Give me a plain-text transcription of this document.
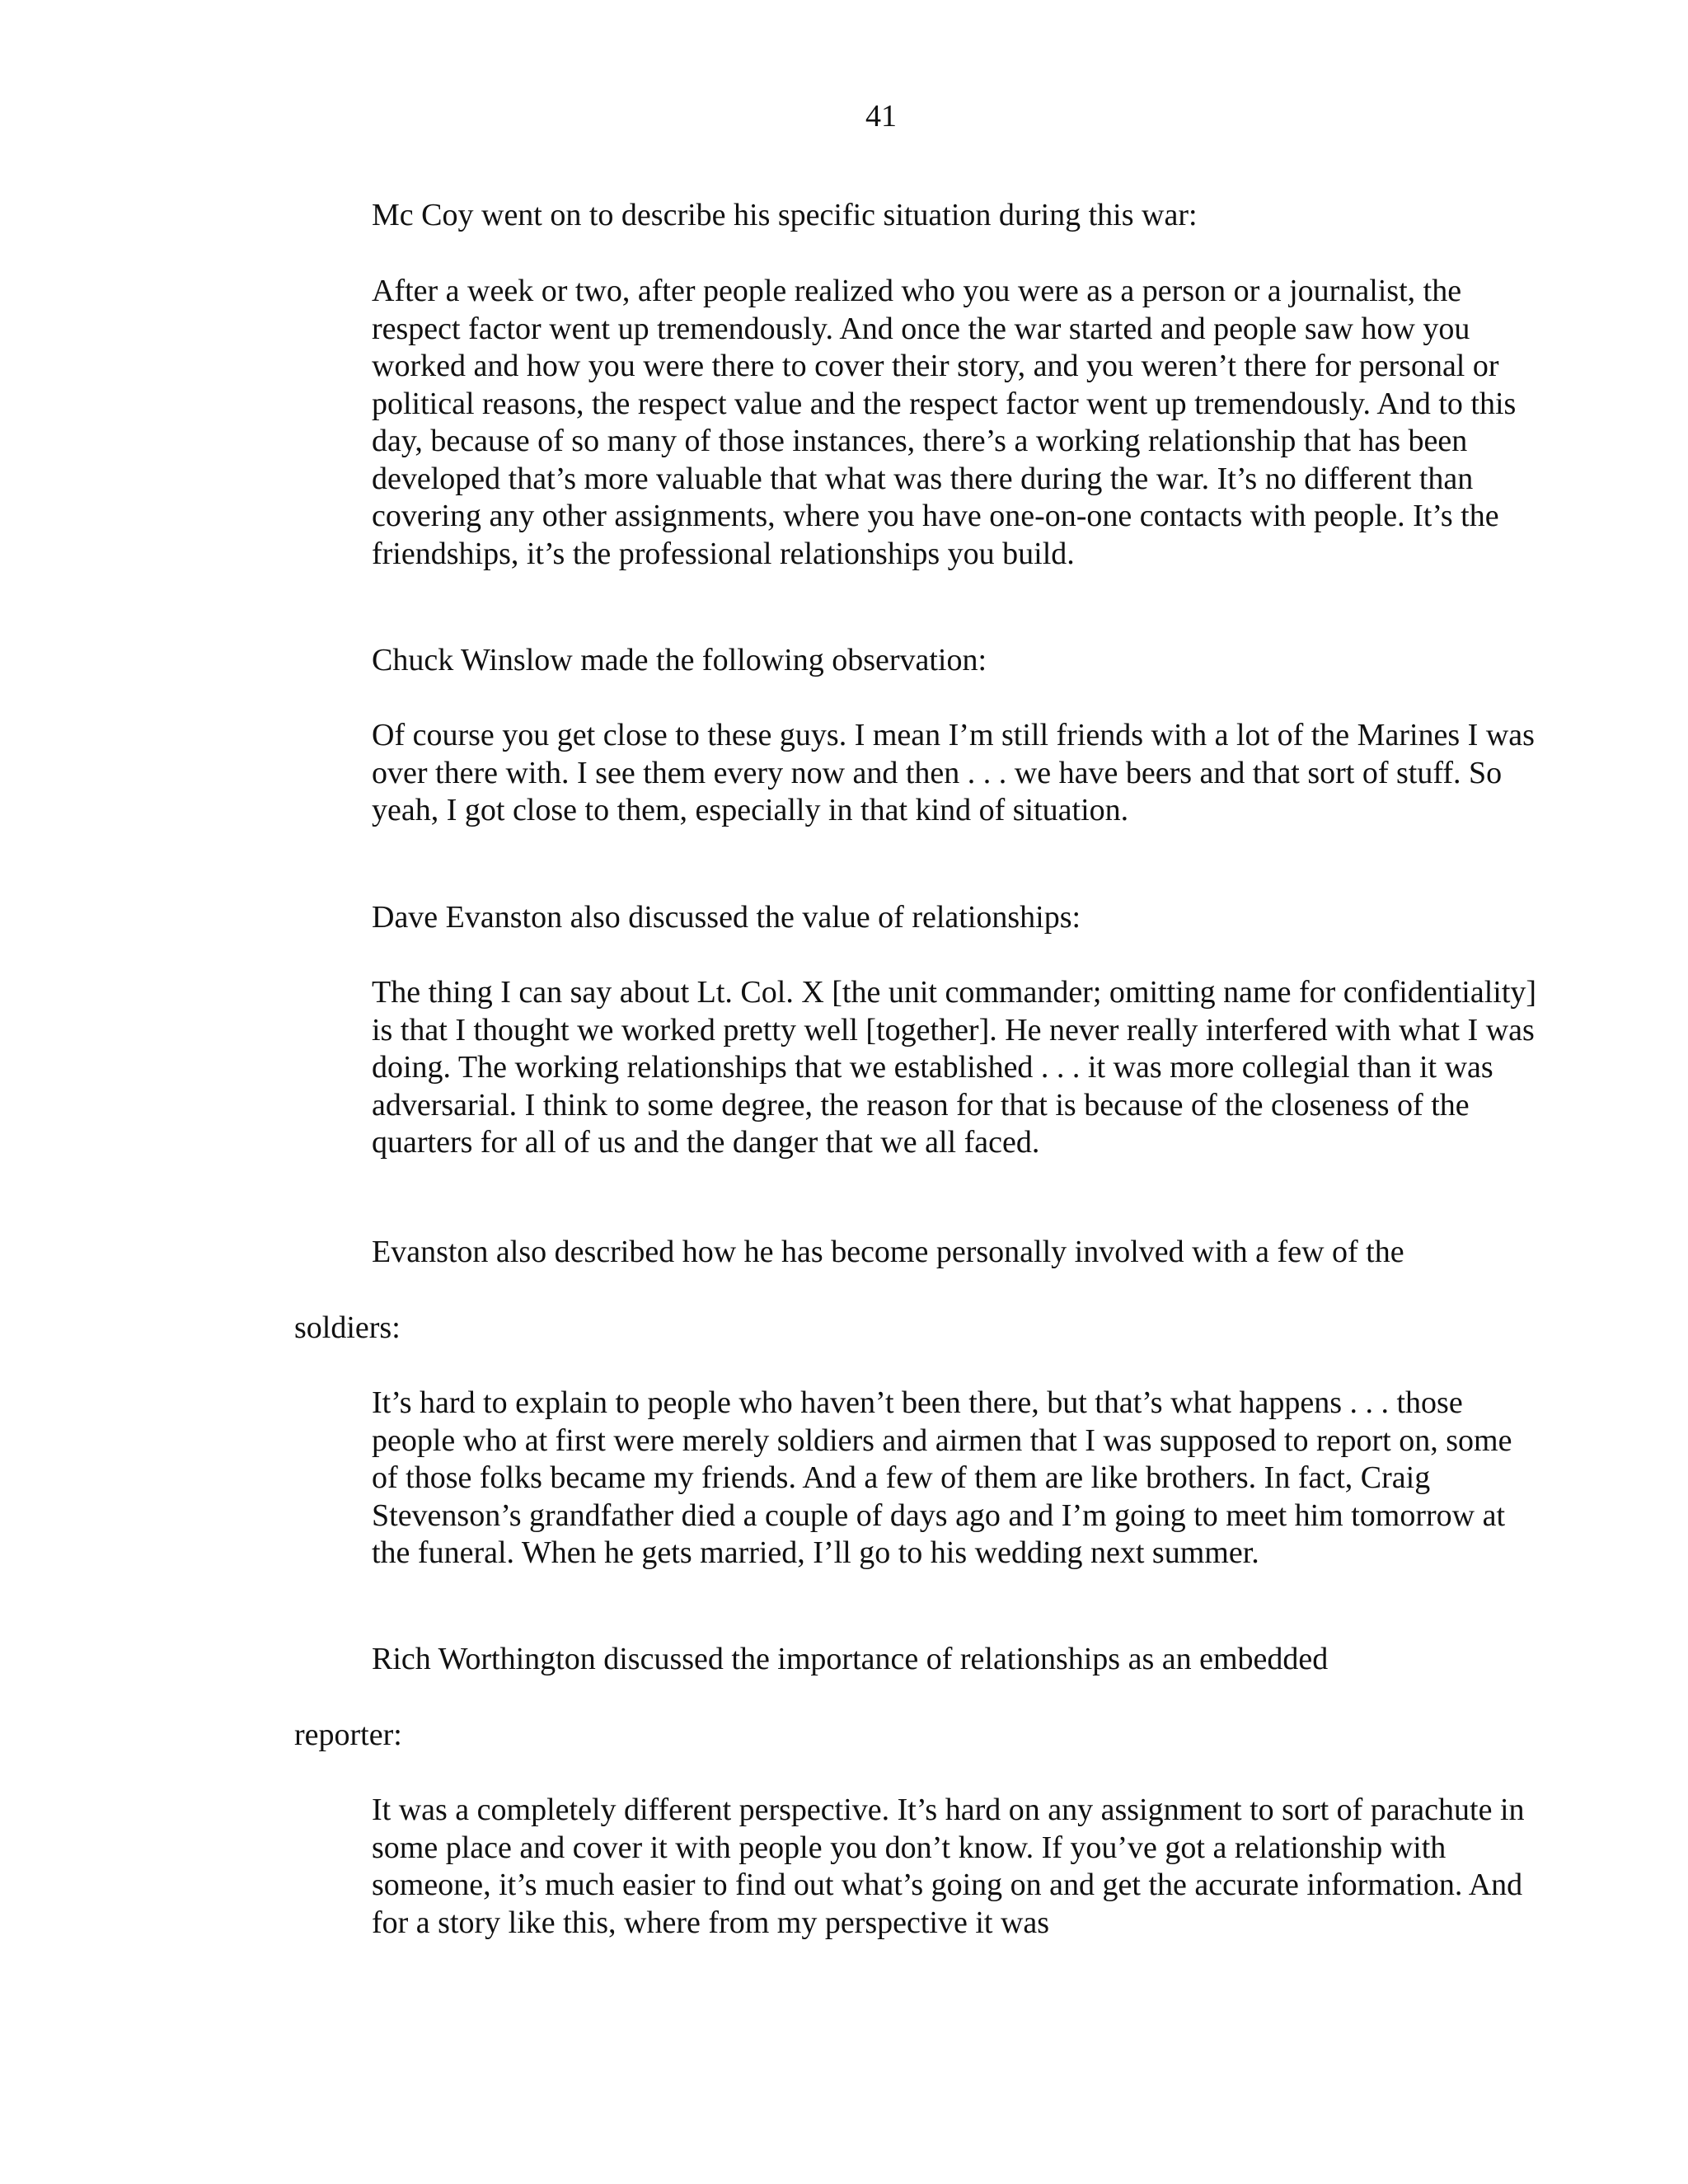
41

Mc Coy went on to describe his specific situation during this war:

After a week or two, after people realized who you were as a person or a journalist, the respect factor went up tremendously. And once the war started and people saw how you worked and how you were there to cover their story, and you weren’t there for personal or political reasons, the respect value and the respect factor went up tremendously. And to this day, because of so many of those instances, there’s a working relationship that has been developed that’s more valuable that what was there during the war. It’s no different than covering any other assignments, where you have one-on-one contacts with people. It’s the friendships, it’s the professional relationships you build.

Chuck Winslow made the following observation:

Of course you get close to these guys. I mean I’m still friends with a lot of the Marines I was over there with. I see them every now and then . . . we have beers and that sort of stuff. So yeah, I got close to them, especially in that kind of situation.

Dave Evanston also discussed the value of relationships:

The thing I can say about Lt. Col. X [the unit commander; omitting name for confidentiality] is that I thought we worked pretty well [together]. He never really interfered with what I was doing. The working relationships that we established . . . it was more collegial than it was adversarial. I think to some degree, the reason for that is because of the closeness of the quarters for all of us and the danger that we all faced.

Evanston also described how he has become personally involved with a few of the

soldiers:

It’s hard to explain to people who haven’t been there, but that’s what happens . . . those people who at first were merely soldiers and airmen that I was supposed to report on, some of those folks became my friends. And a few of them are like brothers. In fact, Craig Stevenson’s grandfather died a couple of days ago and I’m going to meet him tomorrow at the funeral. When he gets married, I’ll go to his wedding next summer.

Rich Worthington discussed the importance of relationships as an embedded

reporter:

It was a completely different perspective. It’s hard on any assignment to sort of parachute in some place and cover it with people you don’t know. If you’ve got a relationship with someone, it’s much easier to find out what’s going on and get the accurate information. And for a story like this, where from my perspective it was
